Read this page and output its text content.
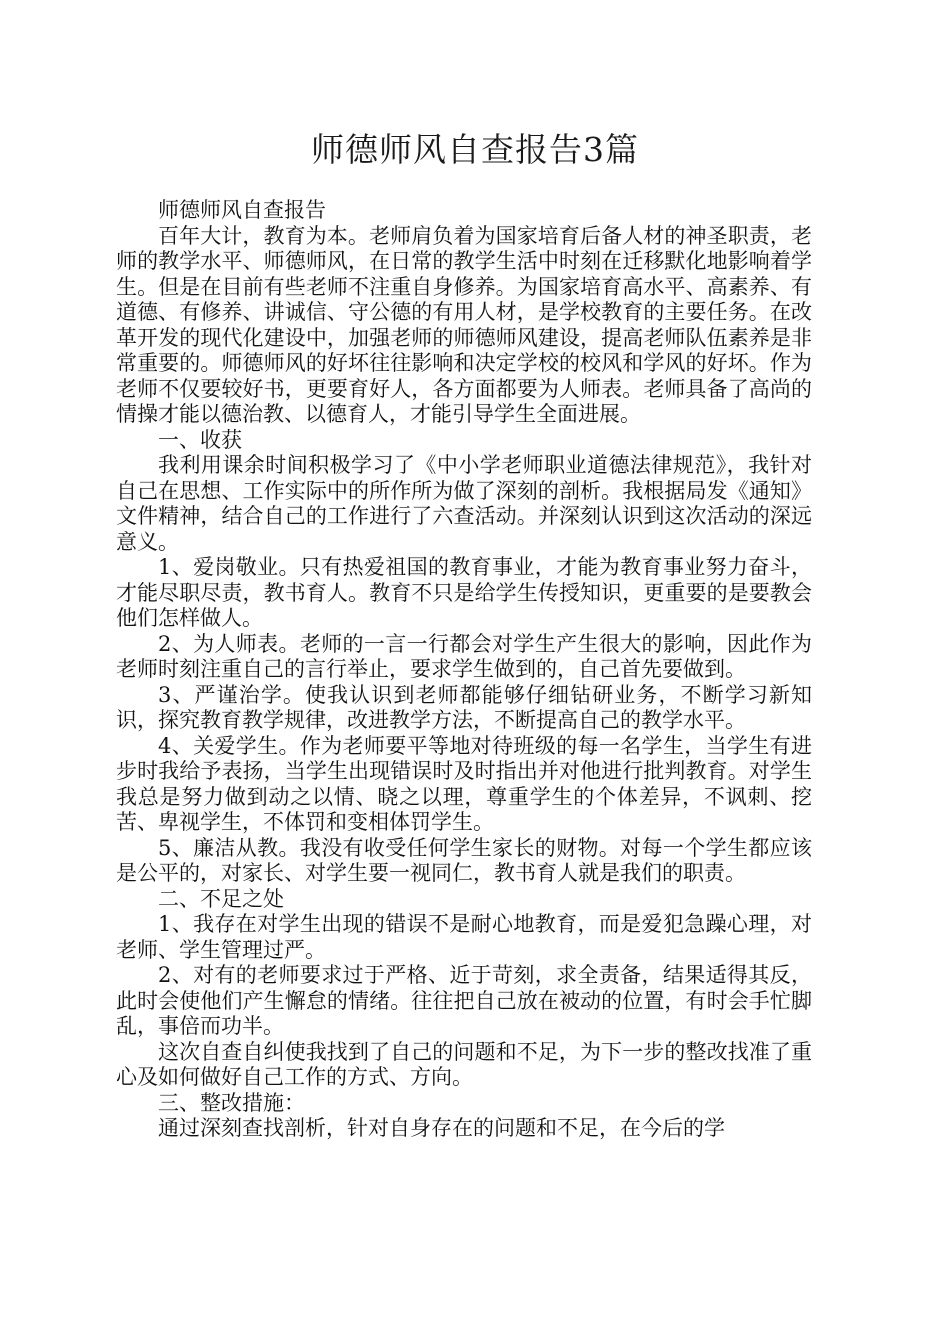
师德师风自查报告3篇

师德师风自查报告

百年大计，教育为本。老师肩负着为国家培育后备人材的神圣职责，老师的教学水平、师德师风，在日常的教学生活中时刻在迁移默化地影响着学生。但是在目前有些老师不注重自身修养。为国家培育高水平、高素养、有道德、有修养、讲诚信、守公德的有用人材，是学校教育的主要任务。在改革开发的现代化建设中，加强老师的师德师风建设，提高老师队伍素养是非常重要的。师德师风的好坏往往影响和决定学校的校风和学风的好坏。作为老师不仅要较好书，更要育好人，各方面都要为人师表。老师具备了高尚的情操才能以德治教、以德育人，才能引导学生全面进展。

一、收获

我利用课余时间积极学习了《中小学老师职业道德法律规范》，我针对自己在思想、工作实际中的所作所为做了深刻的剖析。我根据局发《通知》文件精神，结合自己的工作进行了六查活动。并深刻认识到这次活动的深远意义。

1、爱岗敬业。只有热爱祖国的教育事业，才能为教育事业努力奋斗，才能尽职尽责，教书育人。教育不只是给学生传授知识，更重要的是要教会他们怎样做人。

2、为人师表。老师的一言一行都会对学生产生很大的影响，因此作为老师时刻注重自己的言行举止，要求学生做到的，自己首先要做到。

3、严谨治学。使我认识到老师都能够仔细钻研业务，不断学习新知识，探究教育教学规律，改进教学方法，不断提高自己的教学水平。

4、关爱学生。作为老师要平等地对待班级的每一名学生，当学生有进步时我给予表扬，当学生出现错误时及时指出并对他进行批判教育。对学生我总是努力做到动之以情、晓之以理，尊重学生的个体差异，不讽刺、挖苦、卑视学生，不体罚和变相体罚学生。

5、廉洁从教。我没有收受任何学生家长的财物。对每一个学生都应该是公平的，对家长、对学生要一视同仁，教书育人就是我们的职责。

二、不足之处

1、我存在对学生出现的错误不是耐心地教育，而是爱犯急躁心理，对老师、学生管理过严。

2、对有的老师要求过于严格、近于苛刻，求全责备，结果适得其反，此时会使他们产生懈怠的情绪。往往把自己放在被动的位置，有时会手忙脚乱，事倍而功半。

这次自查自纠使我找到了自己的问题和不足，为下一步的整改找准了重心及如何做好自己工作的方式、方向。

三、整改措施：

通过深刻查找剖析，针对自身存在的问题和不足，在今后的学
